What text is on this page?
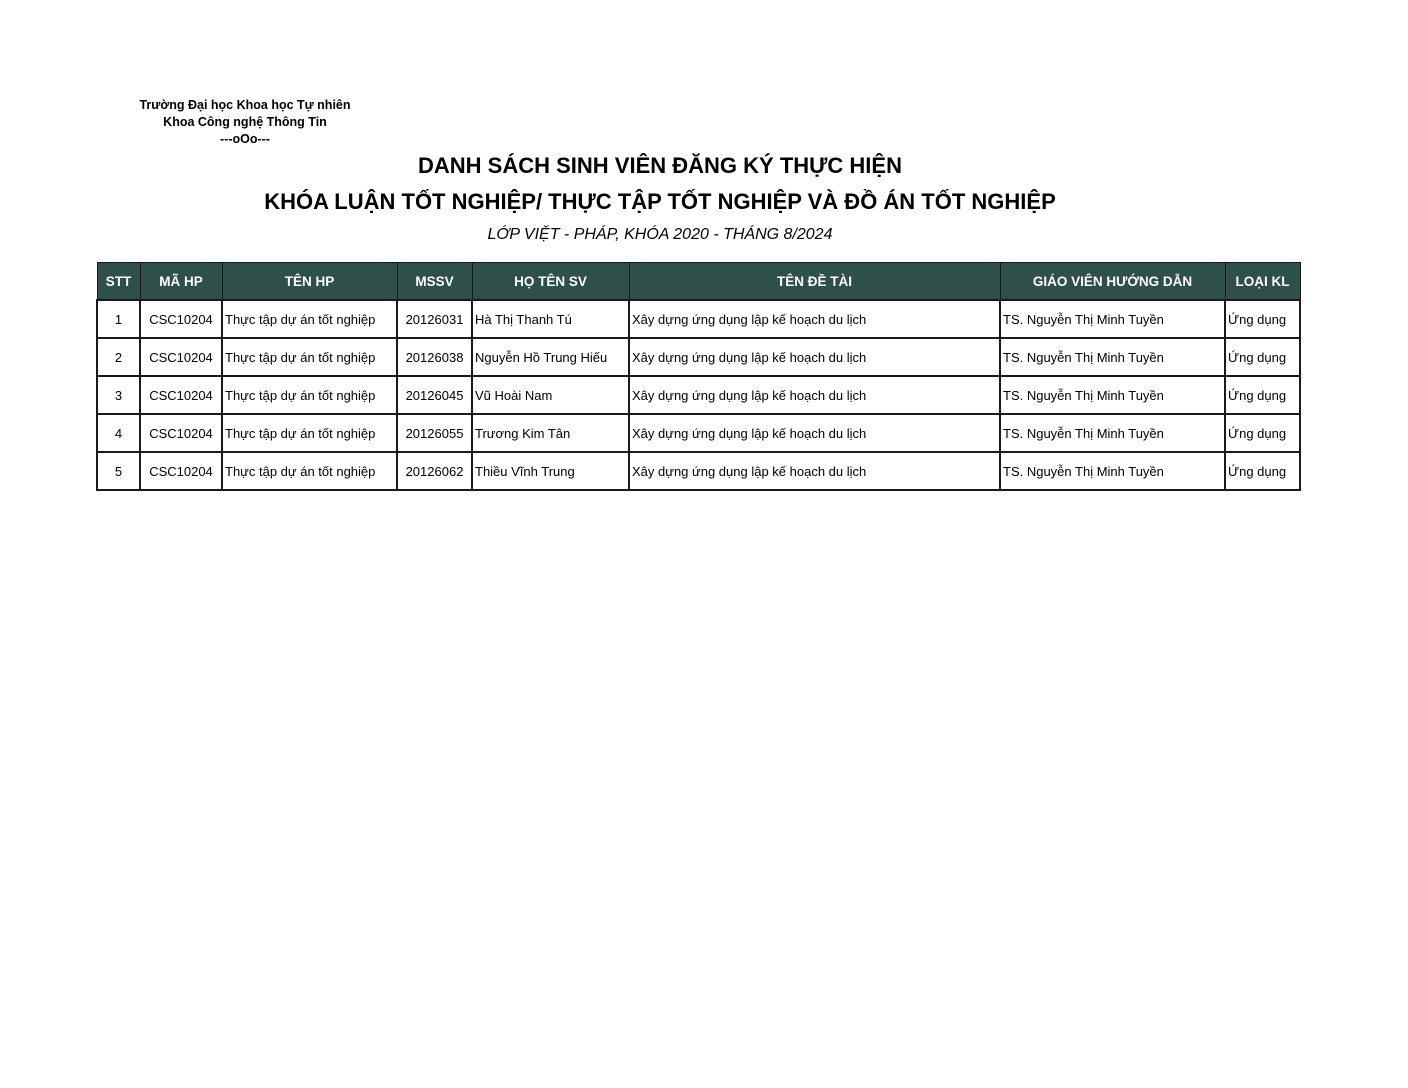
Trường Đại học Khoa học Tự nhiên
Khoa Công nghệ Thông Tin
---oOo---
DANH SÁCH SINH VIÊN ĐĂNG KÝ THỰC HIỆN
KHÓA LUẬN TỐT NGHIỆP/ THỰC TẬP TỐT NGHIỆP VÀ ĐỒ ÁN TỐT NGHIỆP
LỚP VIỆT - PHÁP, KHÓA 2020 - THÁNG 8/2024
STT	MÃ HP	TÊN HP	MSSV	HỌ TÊN SV	TÊN ĐỀ TÀI	GIÁO VIÊN HƯỚNG DẪN	LOẠI KL
1	CSC10204	Thực tập dự án tốt nghiệp	20126031	Hà Thị Thanh Tú	Xây dựng ứng dụng lập kế hoạch du lịch	TS. Nguyễn Thị Minh Tuyền	Ứng dụng
2	CSC10204	Thực tập dự án tốt nghiệp	20126038	Nguyễn Hồ Trung Hiếu	Xây dựng ứng dụng lập kế hoạch du lịch	TS. Nguyễn Thị Minh Tuyền	Ứng dụng
3	CSC10204	Thực tập dự án tốt nghiệp	20126045	Vũ Hoài Nam	Xây dựng ứng dụng lập kế hoạch du lịch	TS. Nguyễn Thị Minh Tuyền	Ứng dụng
4	CSC10204	Thực tập dự án tốt nghiệp	20126055	Trương Kim Tân	Xây dựng ứng dụng lập kế hoạch du lịch	TS. Nguyễn Thị Minh Tuyền	Ứng dụng
5	CSC10204	Thực tập dự án tốt nghiệp	20126062	Thiều Vĩnh Trung	Xây dựng ứng dụng lập kế hoạch du lịch	TS. Nguyễn Thị Minh Tuyền	Ứng dụng
